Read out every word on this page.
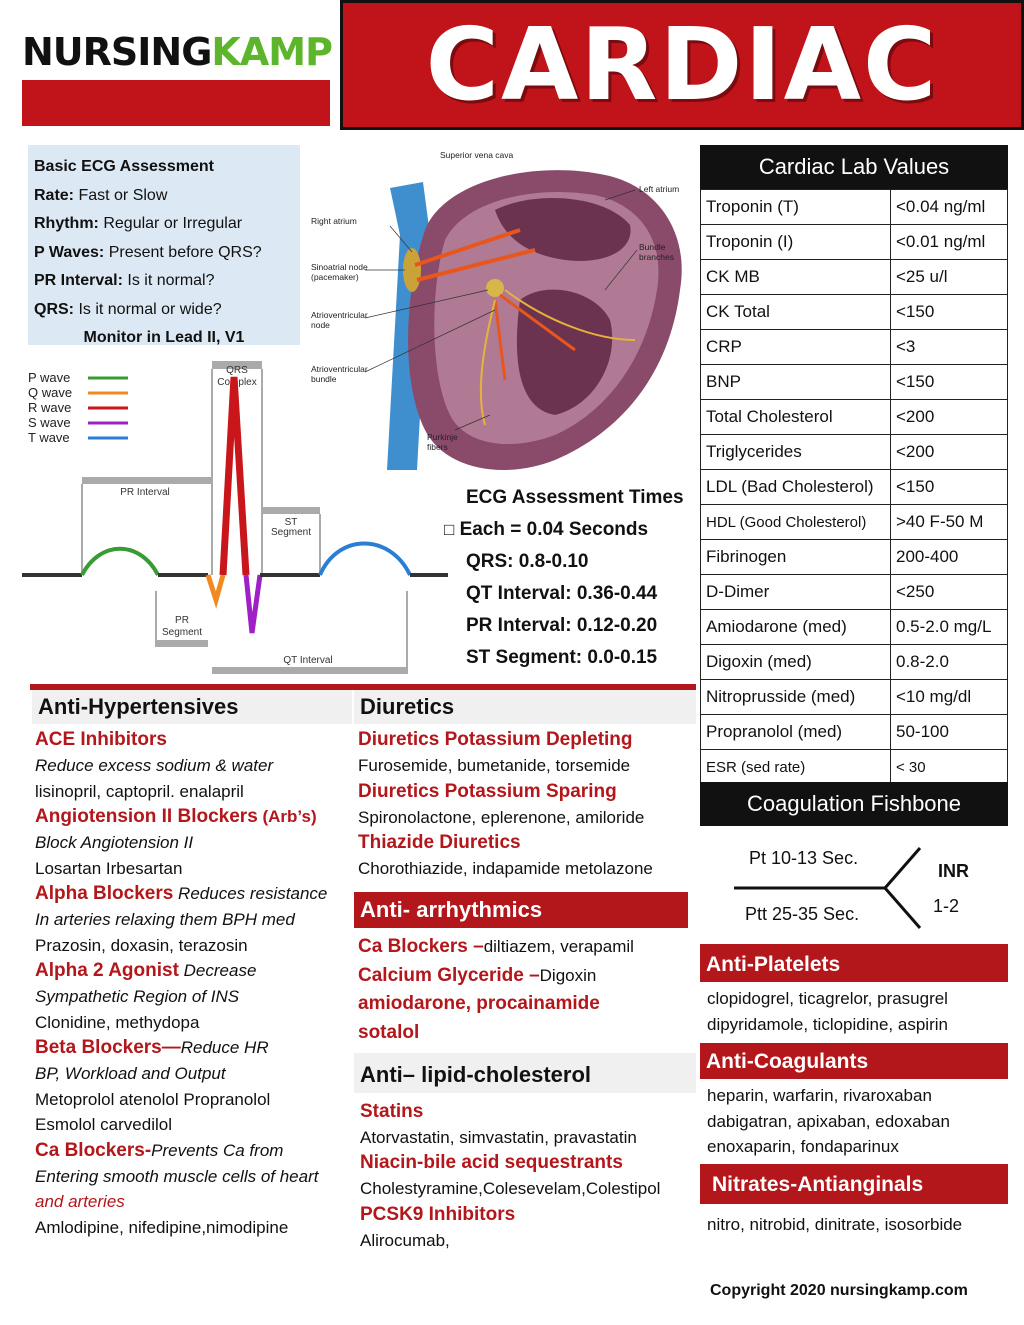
NURSINGKAMP CARDIAC
Basic ECG Assessment
Rate: Fast or Slow
Rhythm: Regular or Irregular
P Waves: Present before QRS?
PR Interval: Is it normal?
QRS: Is it normal or wide?
Monitor in Lead II, V1
Superior vena cava
Left atrium
Right atrium
Bundle
branches
Sinoatrial node
(pacemaker)
Atrioventricular
node
Atrioventricular
bundle
Purkinje
fibers
P wave
Q wave
R wave
S wave
T wave
QRS
Complex
PR Interval
ST
Segment
PR
Segment
QT Interval
ECG Assessment Times
□ Each = 0.04 Seconds
QRS: 0.8-0.10
QT Interval: 0.36-0.44
PR Interval: 0.12-0.20
ST Segment: 0.0-0.15
Cardiac Lab Values
Troponin (T)	<0.04 ng/ml
Troponin (I)	<0.01 ng/ml
CK MB	<25 u/l
CK Total	<150
CRP	<3
BNP	<150
Total Cholesterol	<200
Triglycerides	<200
LDL (Bad Cholesterol)	<150
HDL (Good Cholesterol)	>40 F-50 M
Fibrinogen	200-400
D-Dimer	<250
Amiodarone (med)	0.5-2.0 mg/L
Digoxin (med)	0.8-2.0
Nitroprusside (med)	<10 mg/dl
Propranolol (med)	50-100
ESR (sed rate)	< 30
Coagulation Fishbone
Pt 10-13 Sec.
Ptt 25-35 Sec.
INR
1-2
Anti-Hypertensives
ACE Inhibitors
Reduce excess sodium & water
lisinopril, captopril. enalapril
Angiotension II Blockers (Arb’s)
Block Angiotension II
Losartan Irbesartan
Alpha Blockers Reduces resistance
In arteries relaxing them BPH med
Prazosin, doxasin, terazosin
Alpha 2 Agonist Decrease
Sympathetic Region of INS
Clonidine, methydopa
Beta Blockers—Reduce HR
BP, Workload and Output
Metoprolol atenolol Propranolol
Esmolol carvedilol
Ca Blockers-Prevents Ca from
Entering smooth muscle cells of heart
and arteries
Amlodipine, nifedipine,nimodipine
Diuretics
Diuretics Potassium Depleting
Furosemide, bumetanide, torsemide
Diuretics Potassium Sparing
Spironolactone, eplerenone, amiloride
Thiazide Diuretics
Chorothiazide, indapamide metolazone
Anti- arrhythmics
Ca Blockers –diltiazem, verapamil
Calcium Glyceride –Digoxin
amiodarone, procainamide
sotalol
Anti– lipid-cholesterol
Statins
Atorvastatin, simvastatin, pravastatin
Niacin-bile acid sequestrants
Cholestyramine,Colesevelam,Colestipol
PCSK9 Inhibitors
Alirocumab,
Anti-Platelets
clopidogrel, ticagrelor, prasugrel
dipyridamole, ticlopidine, aspirin
Anti-Coagulants
heparin, warfarin, rivaroxaban
dabigatran, apixaban, edoxaban
enoxaparin, fondaparinux
Nitrates-Antianginals
nitro, nitrobid, dinitrate, isosorbide
Copyright 2020 nursingkamp.com
